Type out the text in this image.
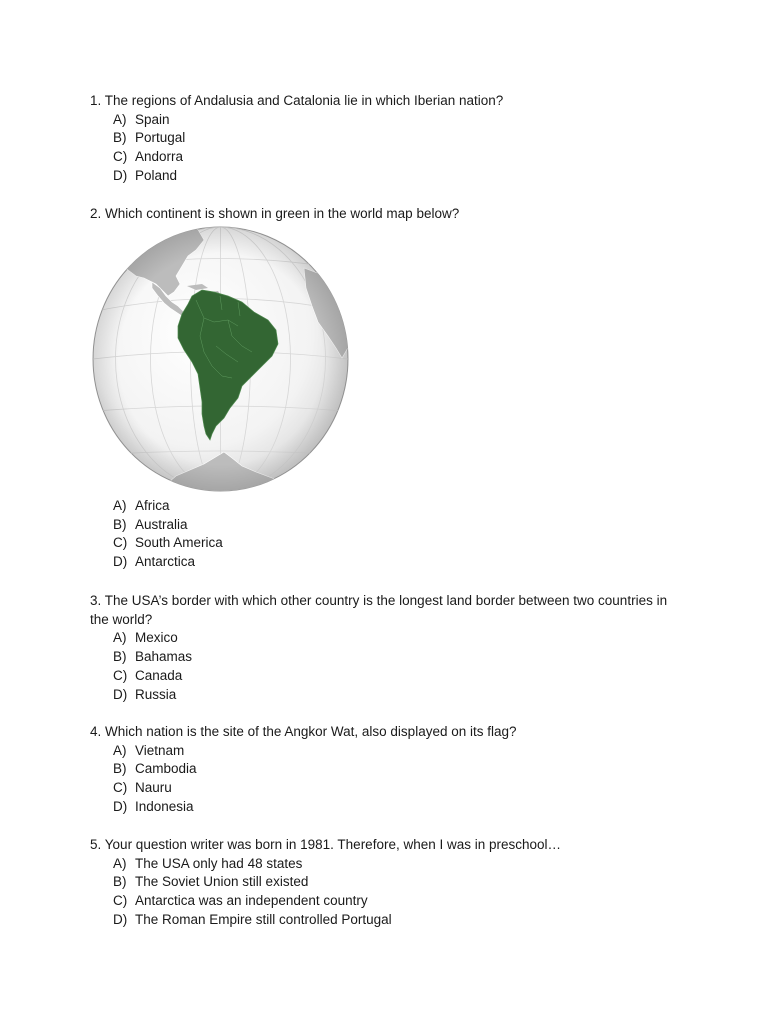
1. The regions of Andalusia and Catalonia lie in which Iberian nation?

A) Spain
B) Portugal
C) Andorra
D) Poland

2. Which continent is shown in green in the world map below?

A) Africa
B) Australia
C) South America
D) Antarctica

3. The USA’s border with which other country is the longest land border between two countries in the world?

A) Mexico
B) Bahamas
C) Canada
D) Russia

4. Which nation is the site of the Angkor Wat, also displayed on its flag?

A) Vietnam
B) Cambodia
C) Nauru
D) Indonesia

5. Your question writer was born in 1981. Therefore, when I was in preschool…

A) The USA only had 48 states
B) The Soviet Union still existed
C) Antarctica was an independent country
D) The Roman Empire still controlled Portugal
